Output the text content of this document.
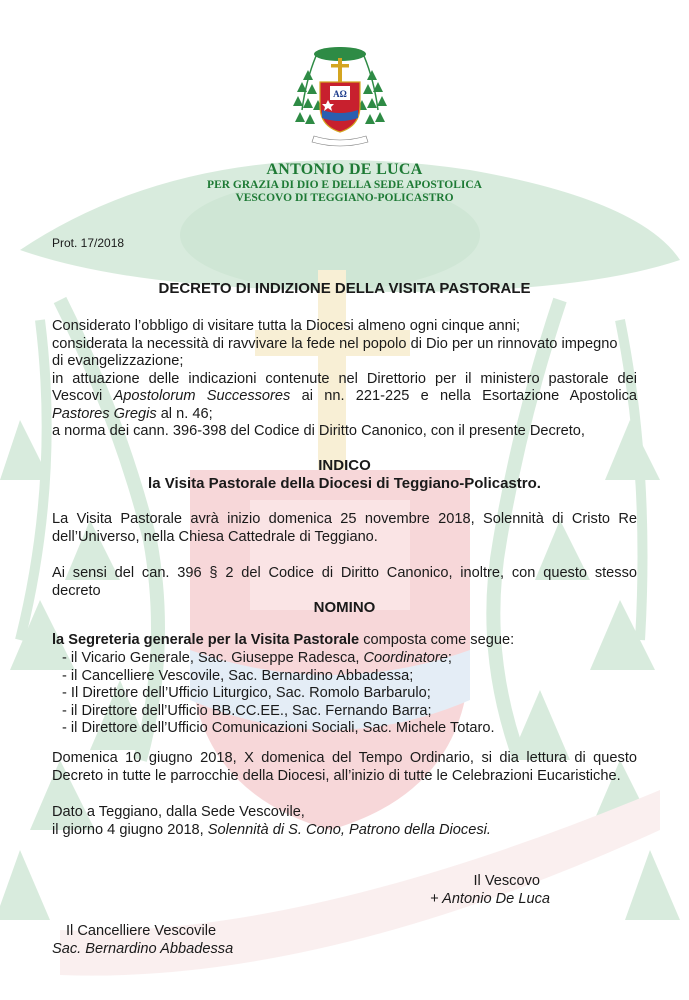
AΩ
ANTONIO DE LUCA
PER GRAZIA DI DIO E DELLA SEDE APOSTOLICA
VESCOVO DI TEGGIANO-POLICASTRO
Prot. 17/2018
DECRETO DI INDIZIONE DELLA VISITA PASTORALE
Considerato l’obbligo di visitare tutta la Diocesi almeno ogni cinque anni;
considerata la necessità di ravvivare la fede nel popolo di Dio per un rinnovato impegno
di evangelizzazione;
in attuazione delle indicazioni contenute nel Direttorio per il ministero pastorale dei
Vescovi Apostolorum Successores ai nn. 221-225 e nella Esortazione Apostolica
Pastores Gregis al n. 46;
a norma dei cann. 396-398 del Codice di Diritto Canonico, con il presente Decreto,
INDICO
la Visita Pastorale della Diocesi di Teggiano-Policastro.
La Visita Pastorale avrà inizio domenica 25 novembre 2018, Solennità di Cristo Re
dell’Universo, nella Chiesa Cattedrale di Teggiano.
Ai sensi del can. 396 § 2 del Codice di Diritto Canonico, inoltre, con questo stesso
decreto
NOMINO
la Segreteria generale per la Visita Pastorale composta come segue:
- il Vicario Generale, Sac. Giuseppe Radesca, Coordinatore;
- il Cancelliere Vescovile, Sac. Bernardino Abbadessa;
- Il Direttore dell’Ufficio Liturgico, Sac. Romolo Barbarulo;
- il Direttore dell’Ufficio BB.CC.EE., Sac. Fernando Barra;
- il Direttore dell’Ufficio Comunicazioni Sociali, Sac. Michele Totaro.
Domenica 10 giugno 2018, X domenica del Tempo Ordinario, si dia lettura di questo
Decreto in tutte le parrocchie della Diocesi, all’inizio di tutte le Celebrazioni Eucaristiche.
Dato a Teggiano, dalla Sede Vescovile,
il giorno 4 giugno 2018, Solennità di S. Cono, Patrono della Diocesi.
Il Vescovo
+ Antonio De Luca
Il Cancelliere Vescovile
Sac. Bernardino Abbadessa
